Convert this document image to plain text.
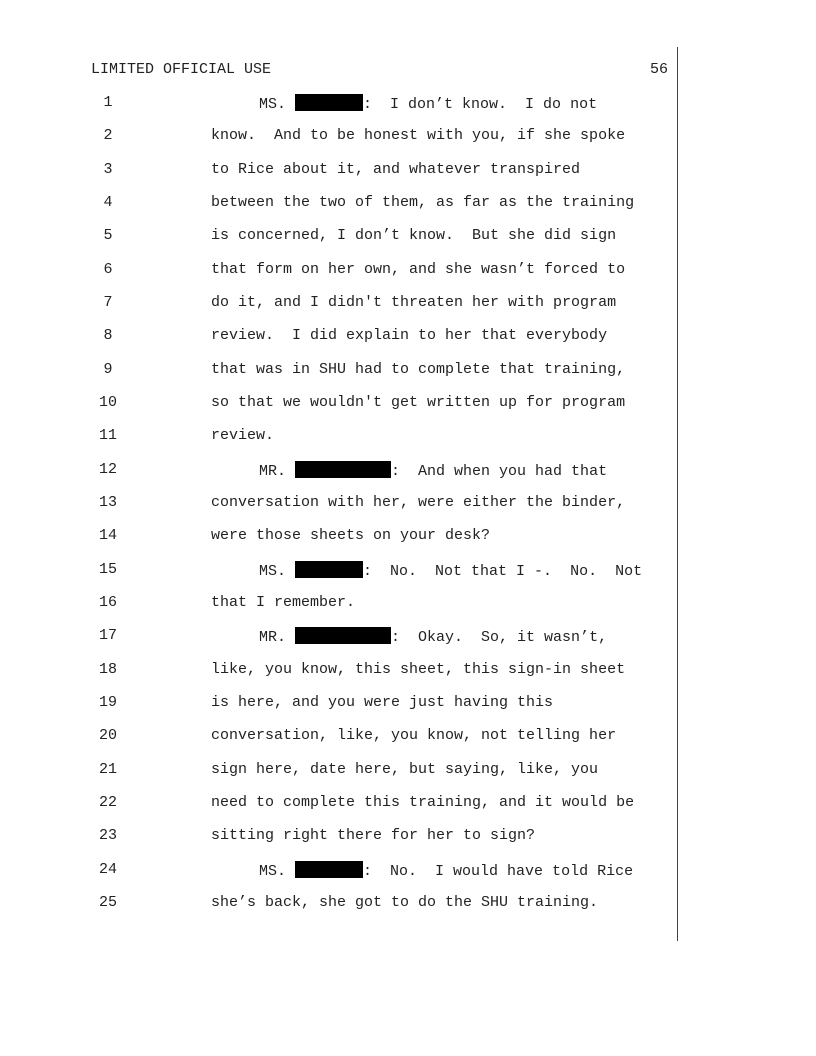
LIMITED OFFICIAL USE	56
1	MS.	:  I don’t know.  I do not
2	know.  And to be honest with you, if she spoke
3	to Rice about it, and whatever transpired
4	between the two of them, as far as the training
5	is concerned, I don’t know.  But she did sign
6	that form on her own, and she wasn’t forced to
7	do it, and I didn't threaten her with program
8	review.  I did explain to her that everybody
9	that was in SHU had to complete that training,
10	so that we wouldn't get written up for program
11	review.
12	MR.	:  And when you had that
13	conversation with her, were either the binder,
14	were those sheets on your desk?
15	MS.	:  No.  Not that I -.  No.  Not
16	that I remember.
17	MR.	:  Okay.  So, it wasn’t,
18	like, you know, this sheet, this sign-in sheet
19	is here, and you were just having this
20	conversation, like, you know, not telling her
21	sign here, date here, but saying, like, you
22	need to complete this training, and it would be
23	sitting right there for her to sign?
24	MS.	:  No.  I would have told Rice
25	she’s back, she got to do the SHU training.
